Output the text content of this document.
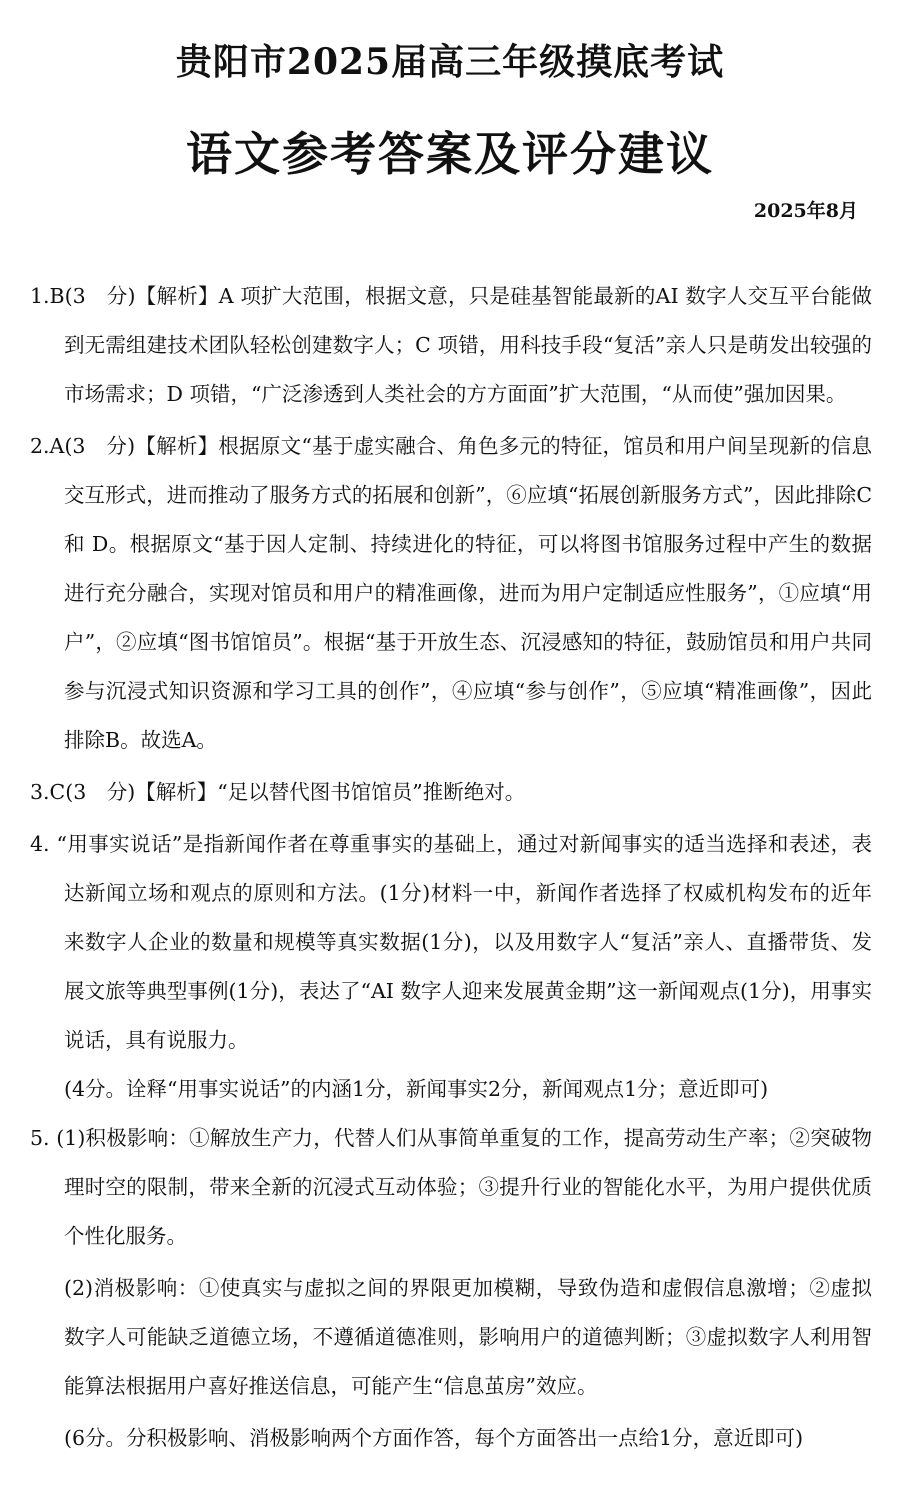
贵阳市2025届高三年级摸底考试
语文参考答案及评分建议
2025年8月

1.B(3　分)【解析】A 项扩大范围，根据文意，只是硅基智能最新的AI 数字人交互平台能做到无需组建技术团队轻松创建数字人；C 项错，用科技手段“复活”亲人只是萌发出较强的市场需求；D 项错，“广泛渗透到人类社会的方方面面”扩大范围，“从而使”强加因果。

2.A(3　分)【解析】根据原文“基于虚实融合、角色多元的特征，馆员和用户间呈现新的信息交互形式，进而推动了服务方式的拓展和创新”，⑥应填“拓展创新服务方式”，因此排除C 和 D。根据原文“基于因人定制、持续进化的特征，可以将图书馆服务过程中产生的数据进行充分融合，实现对馆员和用户的精准画像，进而为用户定制适应性服务”，①应填“用户”，②应填“图书馆馆员”。根据“基于开放生态、沉浸感知的特征，鼓励馆员和用户共同参与沉浸式知识资源和学习工具的创作”，④应填“参与创作”，⑤应填“精准画像”，因此排除B。故选A。

3.C(3　分)【解析】“足以替代图书馆馆员”推断绝对。

4. “用事实说话”是指新闻作者在尊重事实的基础上，通过对新闻事实的适当选择和表述，表达新闻立场和观点的原则和方法。(1分)材料一中，新闻作者选择了权威机构发布的近年来数字人企业的数量和规模等真实数据(1分)，以及用数字人“复活”亲人、直播带货、发展文旅等典型事例(1分)，表达了“AI 数字人迎来发展黄金期”这一新闻观点(1分)，用事实说话，具有说服力。

(4分。诠释“用事实说话”的内涵1分，新闻事实2分，新闻观点1分；意近即可)

5. (1)积极影响：①解放生产力，代替人们从事简单重复的工作，提高劳动生产率；②突破物理时空的限制，带来全新的沉浸式互动体验；③提升行业的智能化水平，为用户提供优质个性化服务。

(2)消极影响：①使真实与虚拟之间的界限更加模糊，导致伪造和虚假信息激增；②虚拟数字人可能缺乏道德立场，不遵循道德准则，影响用户的道德判断；③虚拟数字人利用智能算法根据用户喜好推送信息，可能产生“信息茧房”效应。

(6分。分积极影响、消极影响两个方面作答，每个方面答出一点给1分，意近即可)
